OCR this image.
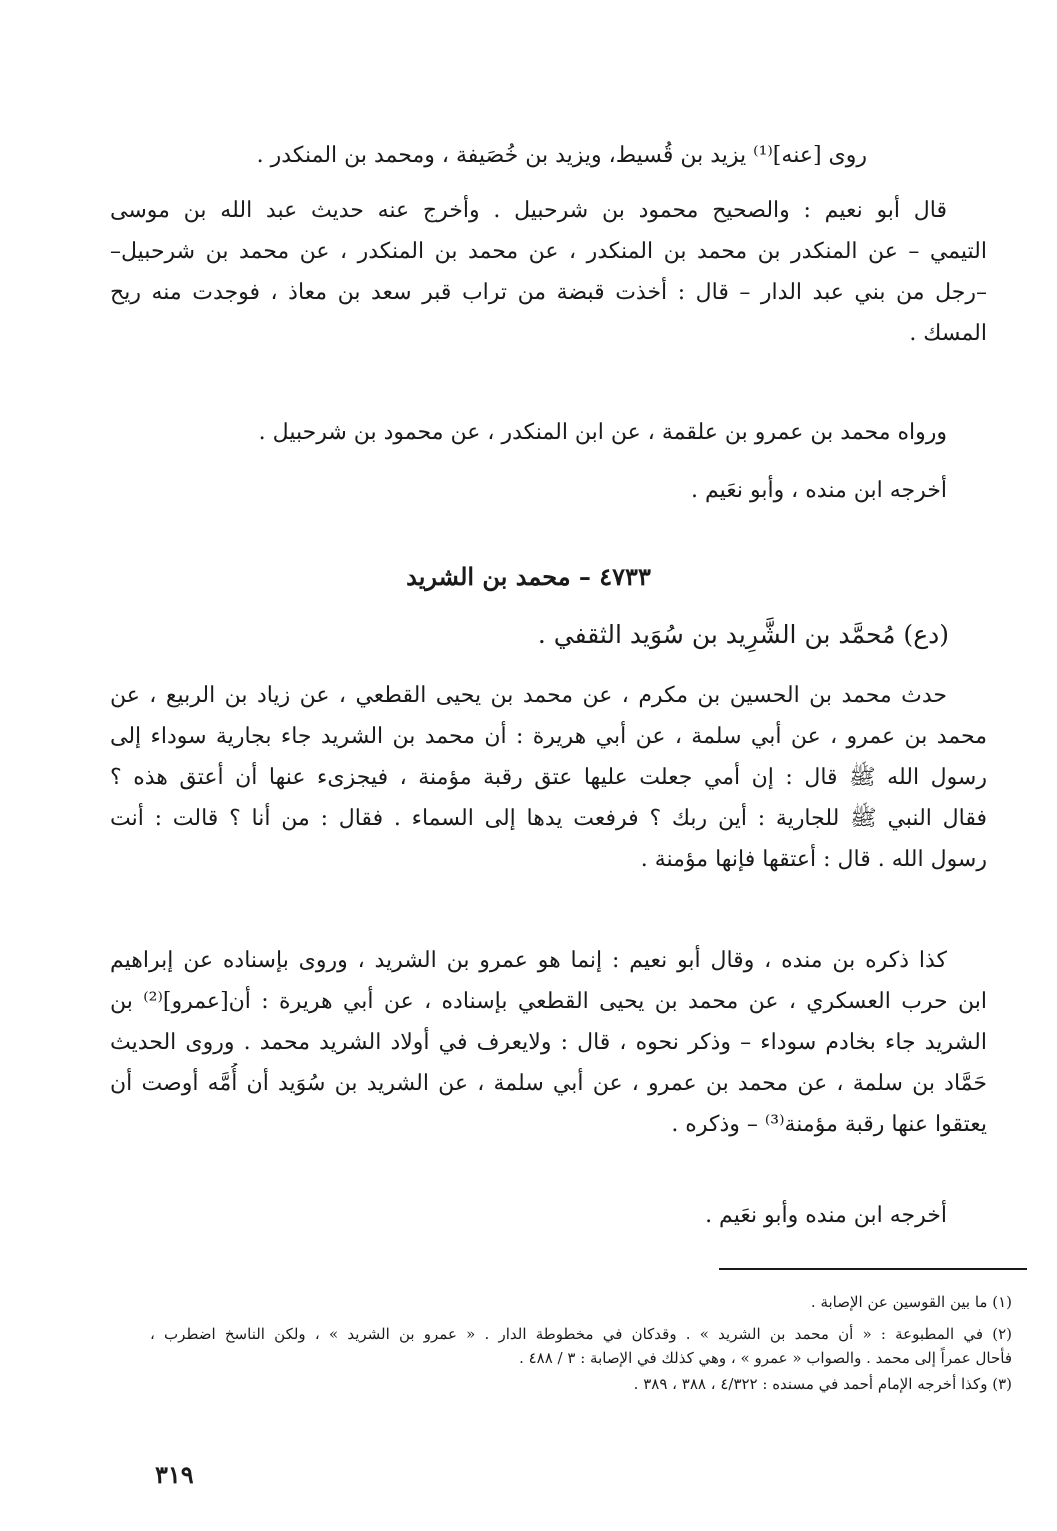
روى [عنه]⁽¹⁾ يزيد بن قُسيط، ويزيد بن خُصَيفة ، ومحمد بن المنكدر .

قال أبو نعيم : والصحيح محمود بن شرحبيل . وأخرج عنه حديث عبد الله بن موسى

التيمي – عن المنكدر بن محمد بن المنكدر ، عن محمد بن المنكدر ، عن محمد بن شرحبيل–

–رجل من بني عبد الدار – قال : أخذت قبضة من تراب قبر سعد بن معاذ ، فوجدت منه ريح

المسك .

ورواه محمد بن عمرو بن علقمة ، عن ابن المنكدر ، عن محمود بن شرحبيل .

أخرجه ابن منده ، وأبو نعَيم .

٤٧٣٣ – محمد بن الشريد
(دع) مُحمَّد بن الشَّرِيد بن سُوَيد الثقفي .

حدث محمد بن الحسين بن مكرم ، عن محمد بن يحيى القطعي ، عن زياد بن الربيع ، عن

محمد بن عمرو ، عن أبي سلمة ، عن أبي هريرة : أن محمد بن الشريد جاء بجارية سوداء إلى

رسول الله ﷺ قال : إن أمي جعلت عليها عتق رقبة مؤمنة ، فيجزىء عنها أن أعتق هذه ؟

فقال النبي ﷺ للجارية : أين ربك ؟ فرفعت يدها إلى السماء . فقال : من أنا ؟ قالت : أنت

رسول الله . قال : أعتقها فإنها مؤمنة .

كذا ذكره بن منده ، وقال أبو نعيم : إنما هو عمرو بن الشريد ، وروى بإسناده عن إبراهيم

ابن حرب العسكري ، عن محمد بن يحيى القطعي بإسناده ، عن أبي هريرة : أن[عمرو]⁽²⁾ بن

الشريد جاء بخادم سوداء – وذكر نحوه ، قال : ولايعرف في أولاد الشريد محمد . وروى الحديث

حَمَّاد بن سلمة ، عن محمد بن عمرو ، عن أبي سلمة ، عن الشريد بن سُوَيد أن أُمَّه أوصت أن

يعتقوا عنها رقبة مؤمنة⁽³⁾ – وذكره .

أخرجه ابن منده وأبو نعَيم .

(١) ما بين القوسين عن الإصابة .

(٢) في المطبوعة : « أن محمد بن الشريد » . وقدكان في مخطوطة الدار . « عمرو بن الشريد » ، ولكن الناسخ اضطرب ،

فأحال عمراً إلى محمد . والصواب « عمرو » ، وهي كذلك في الإصابة : ٣ / ٤٨٨ .

(٣) وكذا أخرجه الإمام أحمد في مسنده : ٤/٣٢٢ ، ٣٨٨ ، ٣٨٩ .

٣١٩
